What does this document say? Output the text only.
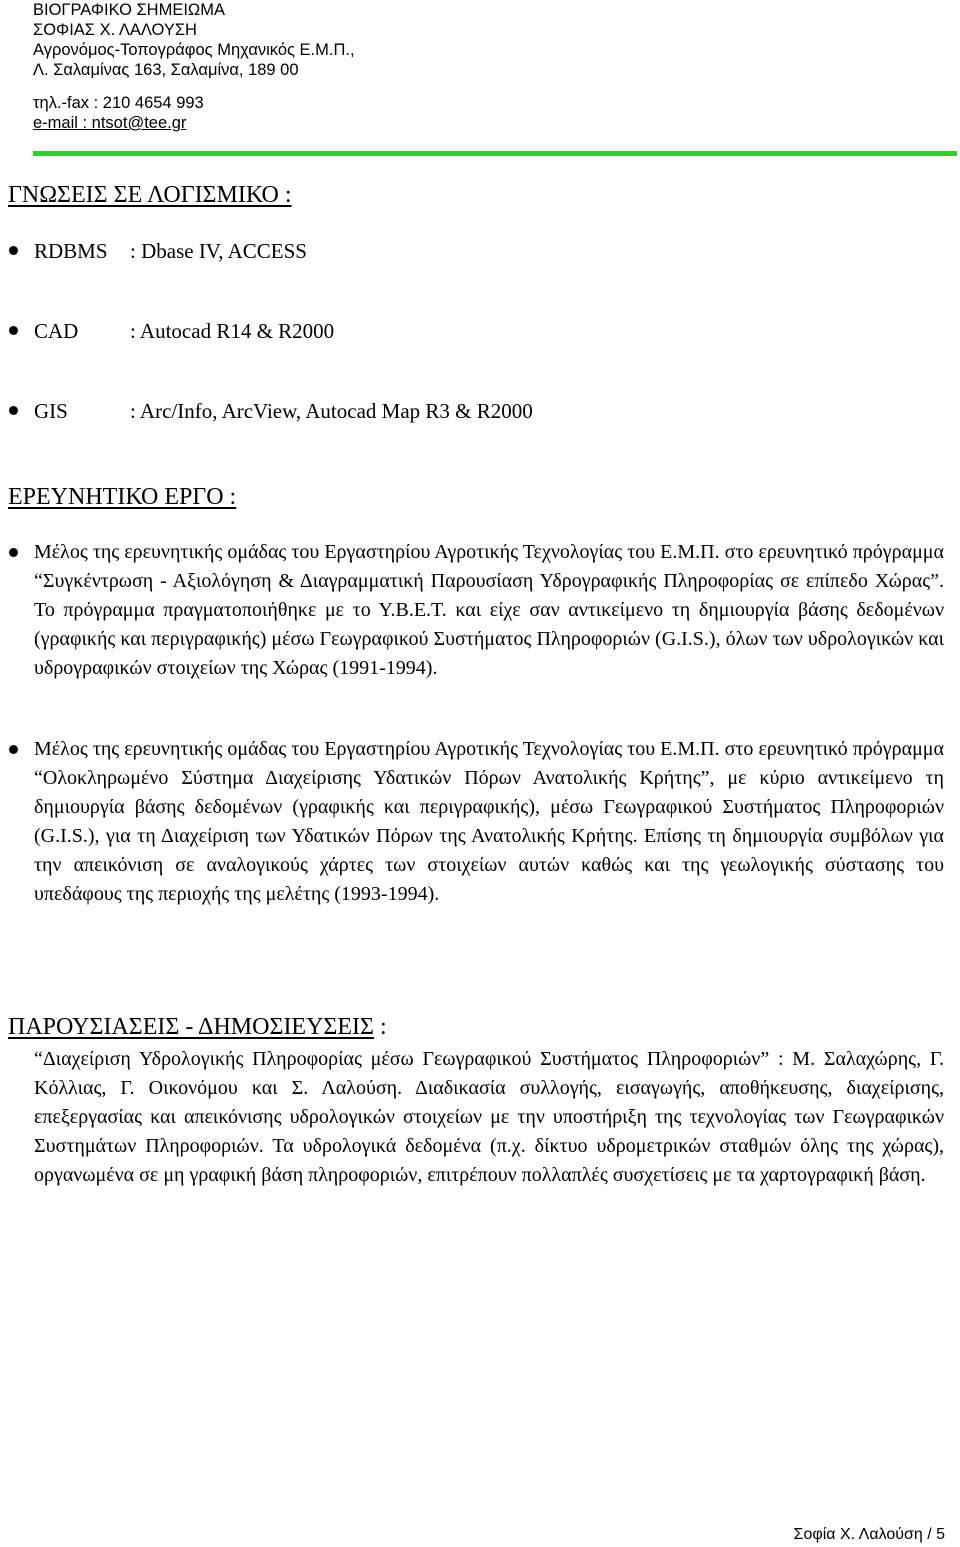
ΒΙΟΓΡΑΦΙΚΟ ΣΗΜΕΙΩΜΑ
ΣΟΦΙΑΣ Χ. ΛΑΛΟΥΣΗ
Αγρονόμος-Τοπογράφος Μηχανικός Ε.Μ.Π.,
Λ. Σαλαμίνας 163, Σαλαμίνα, 189 00
τηλ.-fax : 210 4654 993
e-mail : ntsot@tee.gr
ΓΝΩΣΕΙΣ ΣΕ ΛΟΓΙΣΜΙΚΟ :
RDBMS : Dbase IV, ACCESS
CAD : Autocad R14 & R2000
GIS	: Arc/Info, ArcView, Autocad Map R3 & R2000
ΕΡΕΥΝΗΤΙΚΟ ΕΡΓΟ :
Μέλος της ερευνητικής ομάδας του Εργαστηρίου Αγροτικής Τεχνολογίας του Ε.Μ.Π. στο ερευνητικό πρόγραμμα “Συγκέντρωση - Αξιολόγηση & Διαγραμματική Παρουσίαση Υδρογραφικής Πληροφορίας σε επίπεδο Χώρας”. Το πρόγραμμα πραγματοποιήθηκε με το Υ.Β.Ε.Τ. και είχε σαν αντικείμενο τη δημιουργία βάσης δεδομένων (γραφικής και περιγραφικής) μέσω Γεωγραφικού Συστήματος Πληροφοριών (G.I.S.), όλων των υδρολογικών και υδρογραφικών στοιχείων της Χώρας (1991-1994).
Μέλος της ερευνητικής ομάδας του Εργαστηρίου Αγροτικής Τεχνολογίας του Ε.Μ.Π. στο ερευνητικό πρόγραμμα “Ολοκληρωμένο Σύστημα Διαχείρισης Υδατικών Πόρων Ανατολικής Κρήτης”, με κύριο αντικείμενο τη δημιουργία βάσης δεδομένων (γραφικής και περιγραφικής), μέσω Γεωγραφικού Συστήματος Πληροφοριών (G.I.S.), για τη Διαχείριση των Υδατικών Πόρων της Ανατολικής Κρήτης. Επίσης τη δημιουργία συμβόλων για την απεικόνιση σε αναλογικούς χάρτες των στοιχείων αυτών καθώς και της γεωλογικής σύστασης του υπεδάφους της περιοχής της μελέτης (1993-1994).
ΠΑΡΟΥΣΙΑΣΕΙΣ - ΔΗΜΟΣΙΕΥΣΕΙΣ :
“Διαχείριση Υδρολογικής Πληροφορίας μέσω Γεωγραφικού Συστήματος Πληροφοριών” : Μ. Σαλαχώρης, Γ. Κόλλιας, Γ. Οικονόμου και Σ. Λαλούση. Διαδικασία συλλογής, εισαγωγής, αποθήκευσης, διαχείρισης, επεξεργασίας και απεικόνισης υδρολογικών στοιχείων με την υποστήριξη της τεχνολογίας των Γεωγραφικών Συστημάτων Πληροφοριών. Τα υδρολογικά δεδομένα (π.χ. δίκτυο υδρομετρικών σταθμών όλης της χώρας), οργανωμένα σε μη γραφική βάση πληροφοριών, επιτρέπουν πολλαπλές συσχετίσεις με τα χαρτογραφική βάση.
Σοφία Χ. Λαλούση / 5
